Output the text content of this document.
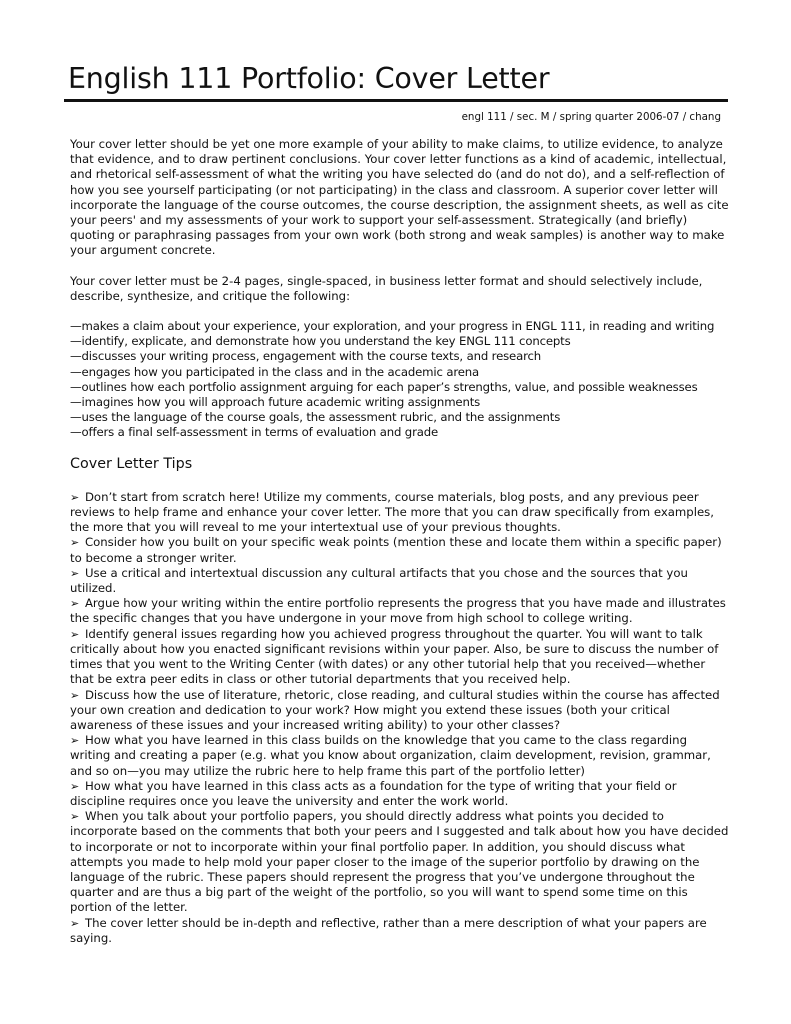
English 111 Portfolio: Cover Letter
engl 111 / sec. M / spring quarter 2006-07 / chang

Your cover letter should be yet one more example of your ability to make claims, to utilize evidence, to analyze that evidence, and to draw pertinent conclusions. Your cover letter functions as a kind of academic, intellectual, and rhetorical self-assessment of what the writing you have selected do (and do not do), and a self-reflection of how you see yourself participating (or not participating) in the class and classroom. A superior cover letter will incorporate the language of the course outcomes, the course description, the assignment sheets, as well as cite your peers' and my assessments of your work to support your self-assessment. Strategically (and briefly) quoting or paraphrasing passages from your own work (both strong and weak samples) is another way to make your argument concrete.

Your cover letter must be 2-4 pages, single-spaced, in business letter format and should selectively include, describe, synthesize, and critique the following:

—makes a claim about your experience, your exploration, and your progress in ENGL 111, in reading and writing
—identify, explicate, and demonstrate how you understand the key ENGL 111 concepts
—discusses your writing process, engagement with the course texts, and research
—engages how you participated in the class and in the academic arena
—outlines how each portfolio assignment arguing for each paper’s strengths, value, and possible weaknesses
—imagines how you will approach future academic writing assignments
—uses the language of the course goals, the assessment rubric, and the assignments
—offers a final self-assessment in terms of evaluation and grade
Cover Letter Tips
➢ Don’t start from scratch here! Utilize my comments, course materials, blog posts, and any previous peer reviews to help frame and enhance your cover letter. The more that you can draw specifically from examples, the more that you will reveal to me your intertextual use of your previous thoughts.
➢ Consider how you built on your specific weak points (mention these and locate them within a specific paper) to become a stronger writer.
➢ Use a critical and intertextual discussion any cultural artifacts that you chose and the sources that you utilized.
➢ Argue how your writing within the entire portfolio represents the progress that you have made and illustrates the specific changes that you have undergone in your move from high school to college writing.
➢ Identify general issues regarding how you achieved progress throughout the quarter. You will want to talk critically about how you enacted significant revisions within your paper. Also, be sure to discuss the number of times that you went to the Writing Center (with dates) or any other tutorial help that you received—whether that be extra peer edits in class or other tutorial departments that you received help.
➢ Discuss how the use of literature, rhetoric, close reading, and cultural studies within the course has affected your own creation and dedication to your work? How might you extend these issues (both your critical awareness of these issues and your increased writing ability) to your other classes?
➢ How what you have learned in this class builds on the knowledge that you came to the class regarding writing and creating a paper (e.g. what you know about organization, claim development, revision, grammar, and so on—you may utilize the rubric here to help frame this part of the portfolio letter)
➢ How what you have learned in this class acts as a foundation for the type of writing that your field or discipline requires once you leave the university and enter the work world.
➢ When you talk about your portfolio papers, you should directly address what points you decided to incorporate based on the comments that both your peers and I suggested and talk about how you have decided to incorporate or not to incorporate within your final portfolio paper. In addition, you should discuss what attempts you made to help mold your paper closer to the image of the superior portfolio by drawing on the language of the rubric. These papers should represent the progress that you’ve undergone throughout the quarter and are thus a big part of the weight of the portfolio, so you will want to spend some time on this portion of the letter.
➢ The cover letter should be in-depth and reflective, rather than a mere description of what your papers are saying.
